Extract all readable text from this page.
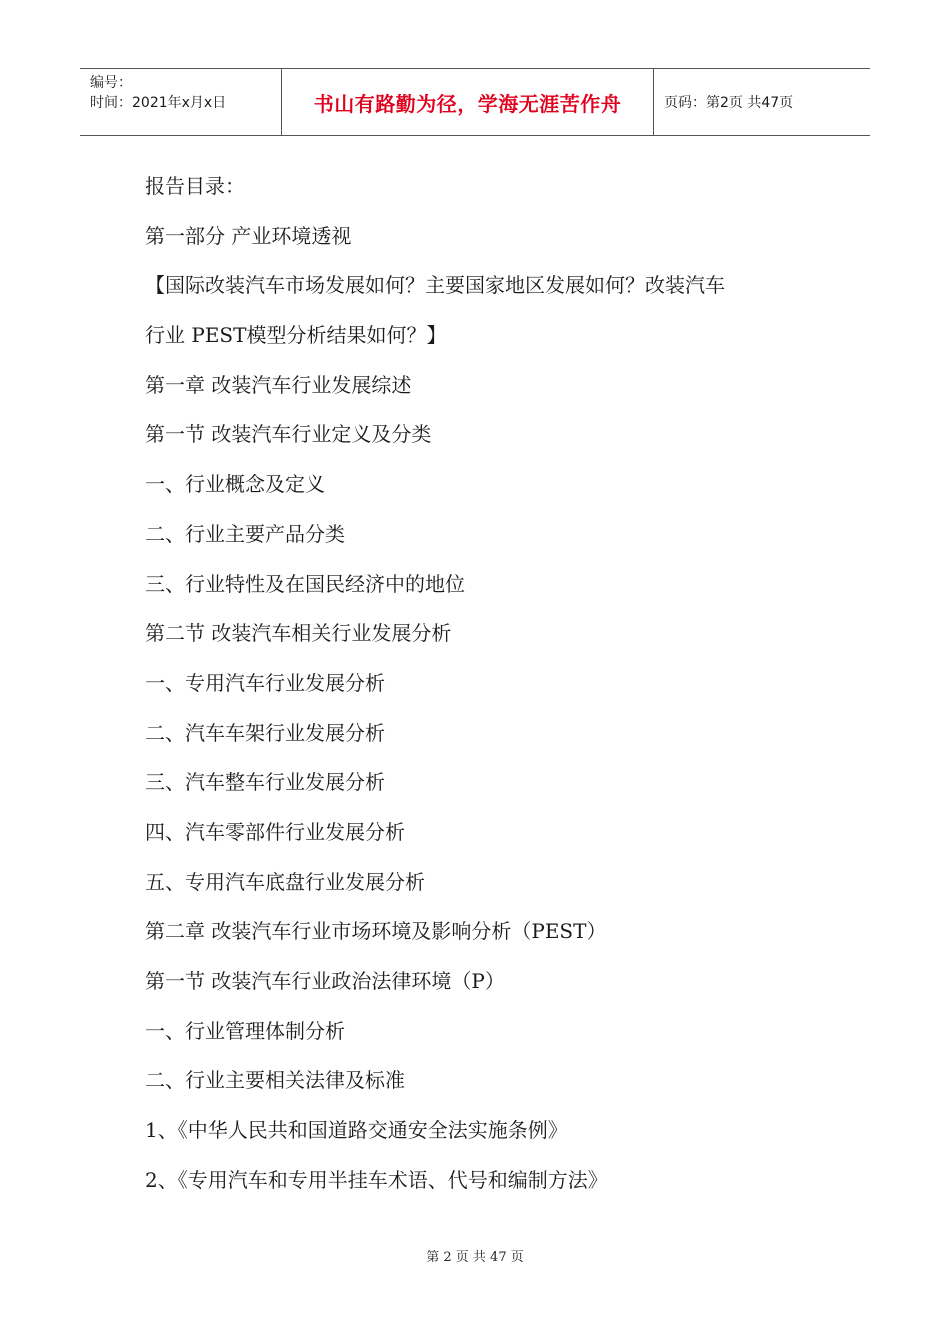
编号：
时间：2021年x月x日	书山有路勤为径，学海无涯苦作舟	页码：第2页 共47页
报告目录：
第一部分 产业环境透视
【国际改装汽车市场发展如何？主要国家地区发展如何？改装汽车
行业 PEST模型分析结果如何？】
第一章 改装汽车行业发展综述
第一节 改装汽车行业定义及分类
一、行业概念及定义
二、行业主要产品分类
三、行业特性及在国民经济中的地位
第二节 改装汽车相关行业发展分析
一、专用汽车行业发展分析
二、汽车车架行业发展分析
三、汽车整车行业发展分析
四、汽车零部件行业发展分析
五、专用汽车底盘行业发展分析
第二章 改装汽车行业市场环境及影响分析（PEST）
第一节 改装汽车行业政治法律环境（P）
一、行业管理体制分析
二、行业主要相关法律及标准
1、《中华人民共和国道路交通安全法实施条例》
2、《专用汽车和专用半挂车术语、代号和编制方法》
第 2 页 共 47 页
